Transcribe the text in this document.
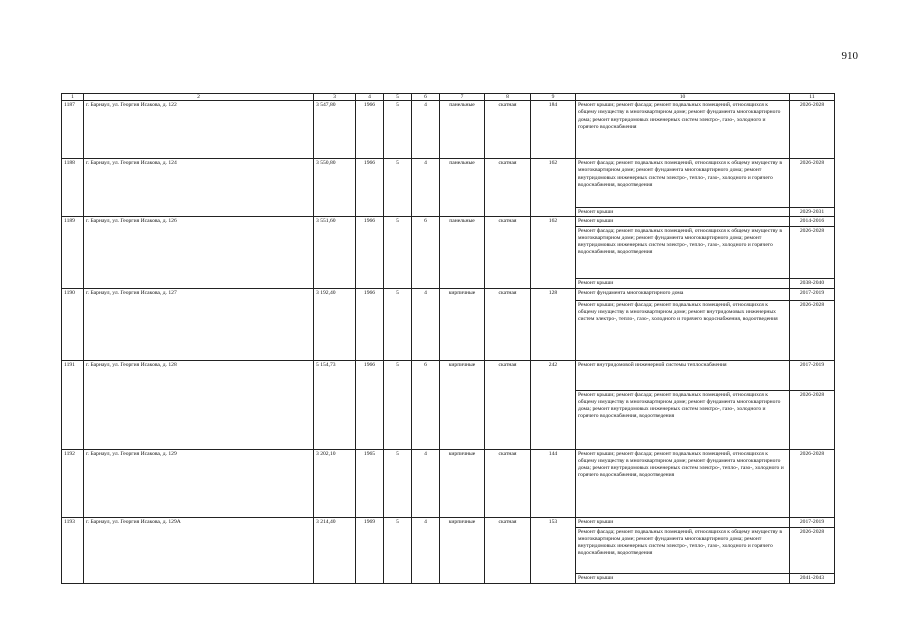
910
1	2	3	4	5	6	7	8	9	10	11
1187	г. Барнаул, ул. Георгия Исакова, д. 122	3 547,80	1966	5	4	панельные	скатная	184	Ремонт крыши; ремонт фасада; ремонт подвальных помещений, относящихся к общему имуществу в многоквартирном доме; ремонт фундамента многоквартирного дома; ремонт внутридомовых инженерных систем электро-, газо-, холодного и горячего водоснабжения	2026-2028
1188	г. Барнаул, ул. Георгия Исакова, д. 124	3 550,80	1966	5	4	панельные	скатная	162	Ремонт фасада; ремонт подвальных помещений, относящихся к общему имуществу в многоквартирном доме; ремонт фундамента многоквартирного дома; ремонт внутридомовых инженерных систем электро-, тепло-, газо-, холодного и горячего водоснабжения, водоотведения	2026-2028
									Ремонт крыши	2029-2031
1189	г. Барнаул, ул. Георгия Исакова, д. 126	3 551,60	1966	5	6	панельные	скатная	162	Ремонт крыши	2014-2016
									Ремонт фасада; ремонт подвальных помещений, относящихся к общему имуществу в многоквартирном доме; ремонт фундамента многоквартирного дома; ремонт внутридомовых инженерных систем электро-, тепло-, газо-, холодного и горячего водоснабжения, водоотведения	2026-2028
									Ремонт крыши	2038-2040
1190	г. Барнаул, ул. Георгия Исакова, д. 127	3 192,40	1966	5	4	кирпичные	скатная	128	Ремонт фундамента многоквартирного дома	2017-2019
									Ремонт крыши; ремонт фасада; ремонт подвальных помещений, относящихся к общему имуществу в многоквартирном доме; ремонт внутридомовых инженерных систем электро-, тепло-, газо-, холодного и горячего водоснабжения, водоотведения	2026-2028
1191	г. Барнаул, ул. Георгия Исакова, д. 128	5 154,73	1966	5	6	кирпичные	скатная	242	Ремонт внутридомовой инженерной системы теплоснабжения	2017-2019
									Ремонт крыши; ремонт фасада; ремонт подвальных помещений, относящихся к общему имуществу в многоквартирном доме; ремонт фундамента многоквартирного дома; ремонт внутридомовых инженерных систем электро-, газо-, холодного и горячего водоснабжения, водоотведения	2026-2028
1192	г. Барнаул, ул. Георгия Исакова, д. 129	3 202,10	1965	5	4	кирпичные	скатная	144	Ремонт крыши; ремонт фасада; ремонт подвальных помещений, относящихся к общему имуществу в многоквартирном доме; ремонт фундамента многоквартирного дома; ремонт внутридомовых инженерных систем электро-, тепло-, газо-, холодного и горячего водоснабжения, водоотведения	2026-2028
1193	г. Барнаул, ул. Георгия Исакова, д. 129А	3 214,40	1969	5	4	кирпичные	скатная	153	Ремонт крыши	2017-2019
									Ремонт фасада; ремонт подвальных помещений, относящихся к общему имуществу в многоквартирном доме; ремонт фундамента многоквартирного дома; ремонт внутридомовых инженерных систем электро-, тепло-, газо-, холодного и горячего водоснабжения, водоотведения	2026-2028
									Ремонт крыши	2041-2043
